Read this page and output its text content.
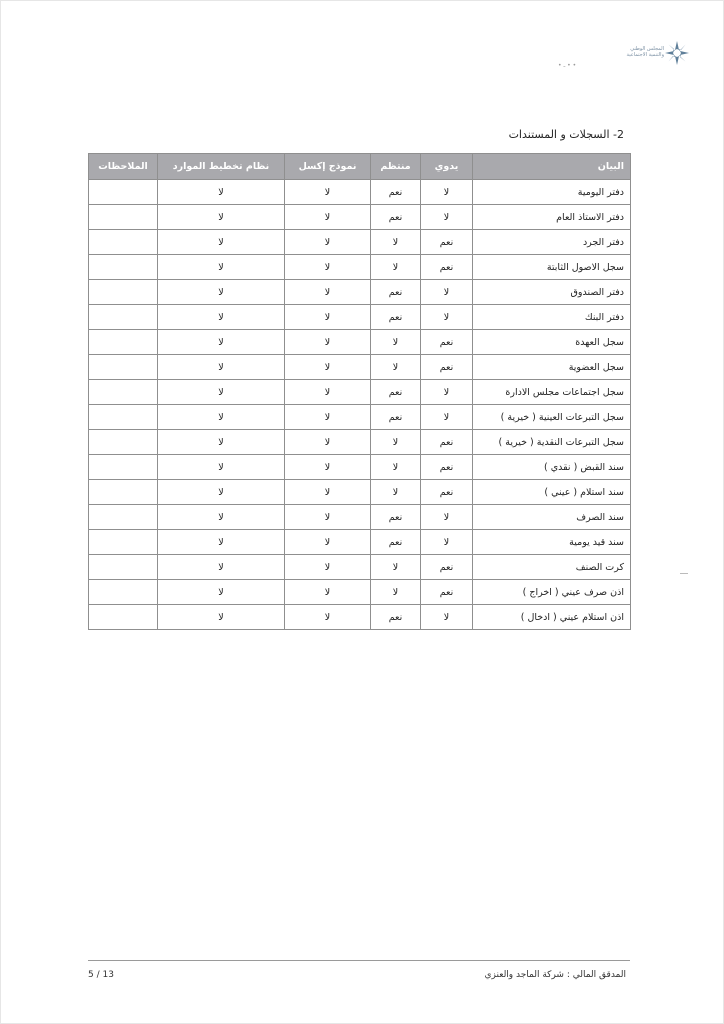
المجلس الوطني
والتنمية الاجتماعية
• ـ • •
2- السجلات و المستندات
البيان	يدوي	منتظم	نموذج إكسل	نظام تخطيط الموارد	الملاحظات
دفتر اليومية	لا	نعم	لا	لا	
دفتر الاستاذ العام	لا	نعم	لا	لا	
دفتر الجرد	نعم	لا	لا	لا	
سجل الاصول الثابتة	نعم	لا	لا	لا	
دفتر الصندوق	لا	نعم	لا	لا	
دفتر البنك	لا	نعم	لا	لا	
سجل العهدة	نعم	لا	لا	لا	
سجل العضوية	نعم	لا	لا	لا	
سجل اجتماعات مجلس الادارة	لا	نعم	لا	لا	
سجل التبرعات العينية ( خيرية )	لا	نعم	لا	لا	
سجل التبرعات النقدية ( خيرية )	نعم	لا	لا	لا	
سند القبض ( نقدي )	نعم	لا	لا	لا	
سند استلام ( عيني )	نعم	لا	لا	لا	
سند الصرف	لا	نعم	لا	لا	
سند قيد يومية	لا	نعم	لا	لا	
كرت الصنف	نعم	لا	لا	لا	
اذن صرف عيني ( اخراج )	نعم	لا	لا	لا	
اذن استلام عيني ( ادخال )	لا	نعم	لا	لا	
المدقق المالي : شركة الماجد والعنزي
5 / 13
